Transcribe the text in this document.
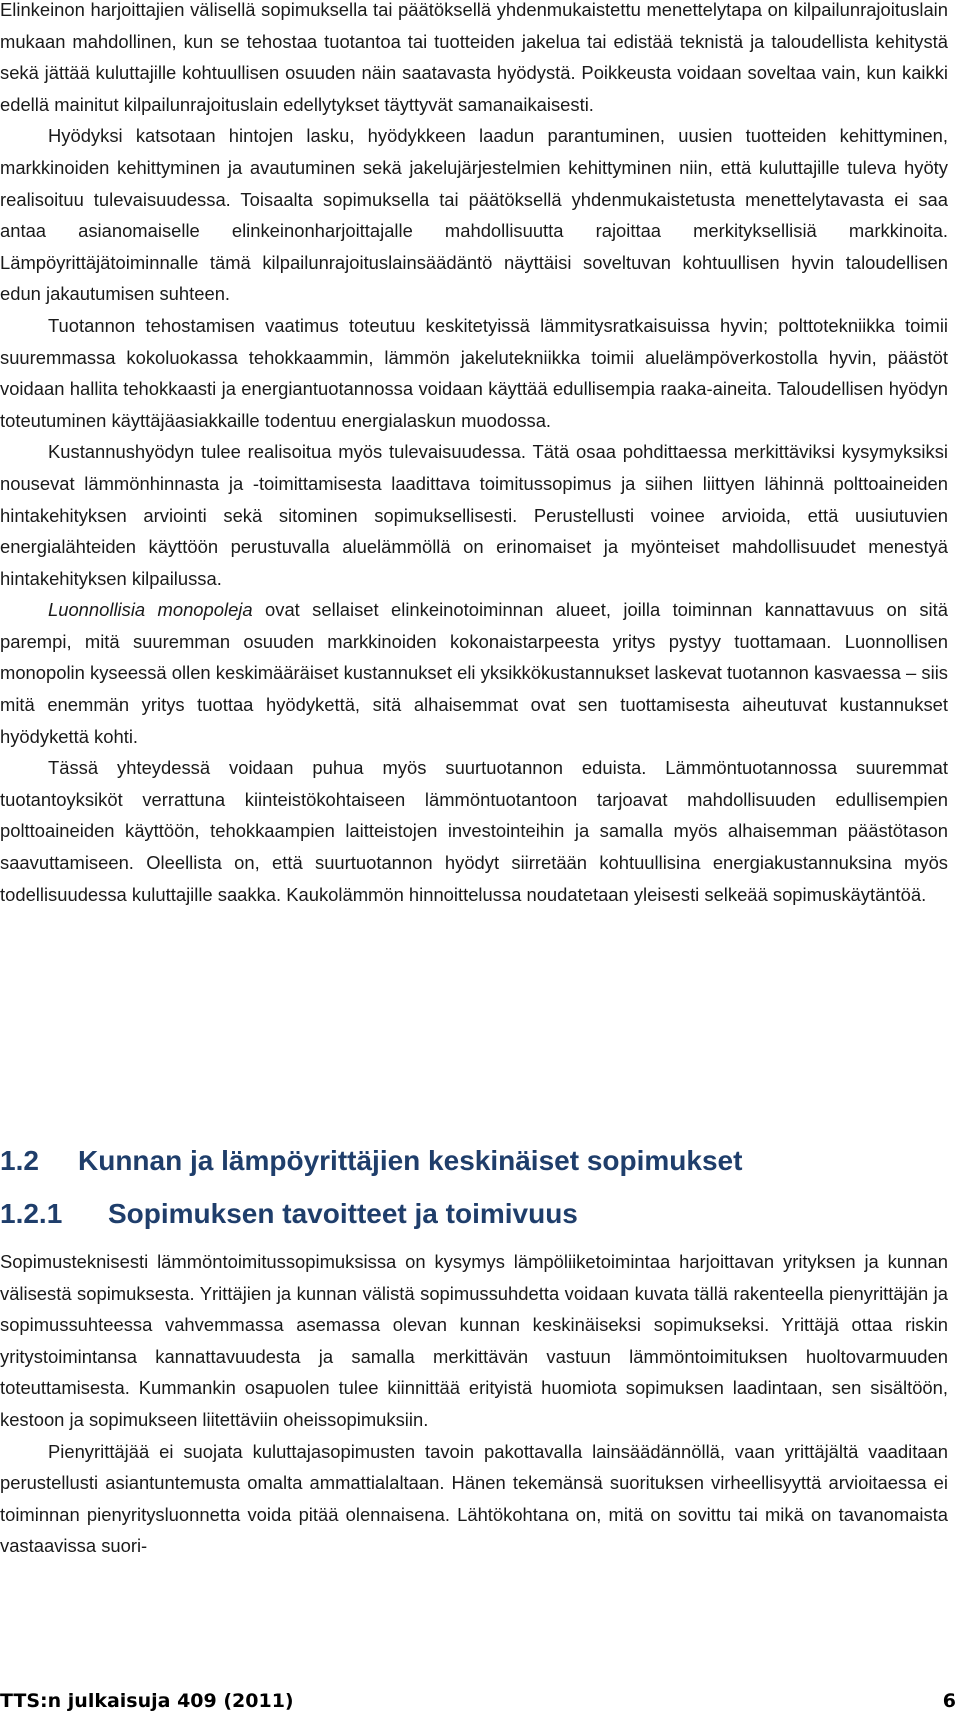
Elinkeinon harjoittajien välisellä sopimuksella tai päätöksellä yhdenmukaistettu menettelytapa on kilpailunrajoituslain mukaan mahdollinen, kun se tehostaa tuotantoa tai tuotteiden jakelua tai edistää teknistä ja taloudellista kehitystä sekä jättää kuluttajille kohtuullisen osuuden näin saatavasta hyödystä. Poikkeusta voidaan soveltaa vain, kun kaikki edellä mainitut kilpailunrajoituslain edellytykset täyttyvät samanaikaisesti.

Hyödyksi katsotaan hintojen lasku, hyödykkeen laadun parantuminen, uusien tuotteiden kehittyminen, markkinoiden kehittyminen ja avautuminen sekä jakelujärjestelmien kehittyminen niin, että kuluttajille tuleva hyöty realisoituu tulevaisuudessa. Toisaalta sopimuksella tai päätöksellä yhdenmukaistetusta menettelytavasta ei saa antaa asianomaiselle elinkeinonharjoittajalle mahdollisuutta rajoittaa merkityksellisiä markkinoita. Lämpöyrittäjätoiminnalle tämä kilpailunrajoituslainsäädäntö näyttäisi soveltuvan kohtuullisen hyvin taloudellisen edun jakautumisen suhteen.

Tuotannon tehostamisen vaatimus toteutuu keskitetyissä lämmitysratkaisuissa hyvin; polttotekniikka toimii suuremmassa kokoluokassa tehokkaammin, lämmön jakelutekniikka toimii aluelämpöverkostolla hyvin, päästöt voidaan hallita tehokkaasti ja energiantuotannossa voidaan käyttää edullisempia raaka-aineita. Taloudellisen hyödyn toteutuminen käyttäjäasiakkaille todentuu energialaskun muodossa.

Kustannushyödyn tulee realisoitua myös tulevaisuudessa. Tätä osaa pohdittaessa merkittäviksi kysymyksiksi nousevat lämmönhinnasta ja -toimittamisesta laadittava toimitussopimus ja siihen liittyen lähinnä polttoaineiden hintakehityksen arviointi sekä sitominen sopimuksellisesti. Perustellusti voinee arvioida, että uusiutuvien energialähteiden käyttöön perustuvalla aluelämmöllä on erinomaiset ja myönteiset mahdollisuudet menestyä hintakehityksen kilpailussa.

Luonnollisia monopoleja ovat sellaiset elinkeinotoiminnan alueet, joilla toiminnan kannattavuus on sitä parempi, mitä suuremman osuuden markkinoiden kokonaistarpeesta yritys pystyy tuottamaan. Luonnollisen monopolin kyseessä ollen keskimääräiset kustannukset eli yksikkökustannukset laskevat tuotannon kasvaessa – siis mitä enemmän yritys tuottaa hyödykettä, sitä alhaisemmat ovat sen tuottamisesta aiheutuvat kustannukset hyödykettä kohti.

Tässä yhteydessä voidaan puhua myös suurtuotannon eduista. Lämmöntuotannossa suuremmat tuotantoyksiköt verrattuna kiinteistökohtaiseen lämmöntuotantoon tarjoavat mahdollisuuden edullisempien polttoaineiden käyttöön, tehokkaampien laitteistojen investointeihin ja samalla myös alhaisemman päästötason saavuttamiseen. Oleellista on, että suurtuotannon hyödyt siirretään kohtuullisina energiakustannuksina myös todellisuudessa kuluttajille saakka. Kaukolämmön hinnoittelussa noudatetaan yleisesti selkeää sopimuskäytäntöä.

1.2 Kunnan ja lämpöyrittäjien keskinäiset sopimukset
1.2.1 Sopimuksen tavoitteet ja toimivuus

Sopimusteknisesti lämmöntoimitussopimuksissa on kysymys lämpöliiketoimintaa harjoittavan yrityksen ja kunnan välisestä sopimuksesta. Yrittäjien ja kunnan välistä sopimussuhdetta voidaan kuvata tällä rakenteella pienyrittäjän ja sopimussuhteessa vahvemmassa asemassa olevan kunnan keskinäiseksi sopimukseksi. Yrittäjä ottaa riskin yritystoimintansa kannattavuudesta ja samalla merkittävän vastuun lämmöntoimituksen huoltovarmuuden toteuttamisesta. Kummankin osapuolen tulee kiinnittää erityistä huomiota sopimuksen laadintaan, sen sisältöön, kestoon ja sopimukseen liitettäviin oheissopimuksiin.

Pienyrittäjää ei suojata kuluttajasopimusten tavoin pakottavalla lainsäädännöllä, vaan yrittäjältä vaaditaan perustellusti asiantuntemusta omalta ammattialaltaan. Hänen tekemänsä suorituksen virheellisyyttä arvioitaessa ei toiminnan pienyritysluonnetta voida pitää olennaisena. Lähtökohtana on, mitä on sovittu tai mikä on tavanomaista vastaavissa suori-

TTS:n julkaisuja 409 (2011)	6
